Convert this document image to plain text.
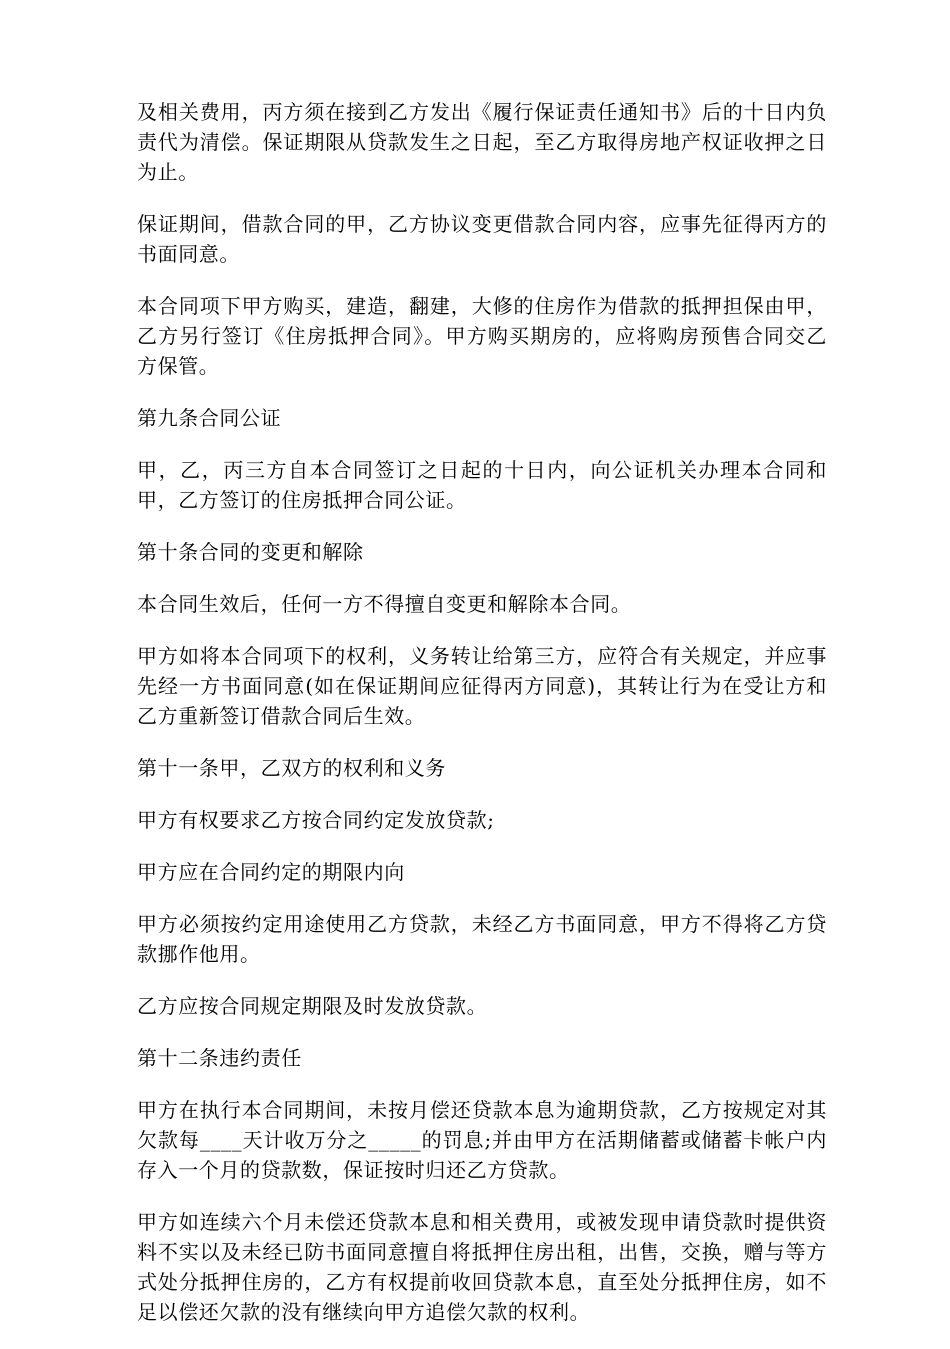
及相关费用，丙方须在接到乙方发出《履行保证责任通知书》后的十日内负责代为清偿。保证期限从贷款发生之日起，至乙方取得房地产权证收押之日为止。

保证期间，借款合同的甲，乙方协议变更借款合同内容，应事先征得丙方的书面同意。

本合同项下甲方购买，建造，翻建，大修的住房作为借款的抵押担保由甲，乙方另行签订《住房抵押合同》。甲方购买期房的，应将购房预售合同交乙方保管。

第九条合同公证

甲，乙，丙三方自本合同签订之日起的十日内，向公证机关办理本合同和甲，乙方签订的住房抵押合同公证。

第十条合同的变更和解除

本合同生效后，任何一方不得擅自变更和解除本合同。

甲方如将本合同项下的权利，义务转让给第三方，应符合有关规定，并应事先经一方书面同意(如在保证期间应征得丙方同意)，其转让行为在受让方和乙方重新签订借款合同后生效。

第十一条甲，乙双方的权利和义务

甲方有权要求乙方按合同约定发放贷款;

甲方应在合同约定的期限内向

甲方必须按约定用途使用乙方贷款，未经乙方书面同意，甲方不得将乙方贷款挪作他用。

乙方应按合同规定期限及时发放贷款。

第十二条违约责任

甲方在执行本合同期间，未按月偿还贷款本息为逾期贷款，乙方按规定对其欠款每____天计收万分之_____的罚息;并由甲方在活期储蓄或储蓄卡帐户内存入一个月的贷款数，保证按时归还乙方贷款。

甲方如连续六个月未偿还贷款本息和相关费用，或被发现申请贷款时提供资料不实以及未经已防书面同意擅自将抵押住房出租，出售，交换，赠与等方式处分抵押住房的，乙方有权提前收回贷款本息，直至处分抵押住房，如不足以偿还欠款的没有继续向甲方追偿欠款的权利。
